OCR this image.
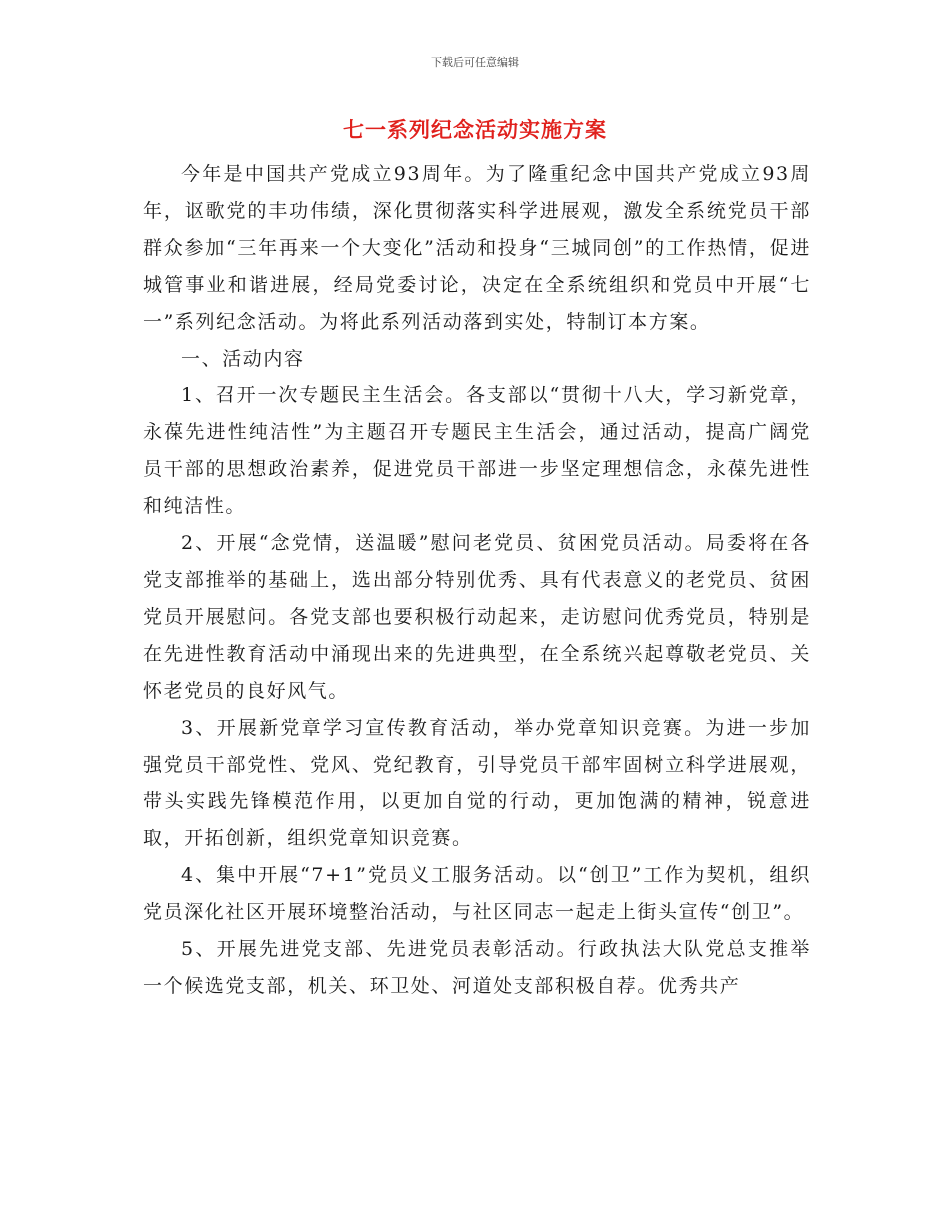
下载后可任意编辑
七一系列纪念活动实施方案

今年是中国共产党成立93周年。为了隆重纪念中国共产党成立93周年，讴歌党的丰功伟绩，深化贯彻落实科学进展观，激发全系统党员干部群众参加“三年再来一个大变化”活动和投身“三城同创”的工作热情，促进城管事业和谐进展，经局党委讨论，决定在全系统组织和党员中开展“七一”系列纪念活动。为将此系列活动落到实处，特制订本方案。

一、活动内容

1、召开一次专题民主生活会。各支部以“贯彻十八大，学习新党章，永葆先进性纯洁性”为主题召开专题民主生活会，通过活动，提高广阔党员干部的思想政治素养，促进党员干部进一步坚定理想信念，永葆先进性和纯洁性。

2、开展“念党情，送温暖”慰问老党员、贫困党员活动。局委将在各党支部推举的基础上，选出部分特别优秀、具有代表意义的老党员、贫困党员开展慰问。各党支部也要积极行动起来，走访慰问优秀党员，特别是在先进性教育活动中涌现出来的先进典型，在全系统兴起尊敬老党员、关怀老党员的良好风气。

3、开展新党章学习宣传教育活动，举办党章知识竞赛。为进一步加强党员干部党性、党风、党纪教育，引导党员干部牢固树立科学进展观，带头实践先锋模范作用，以更加自觉的行动，更加饱满的精神，锐意进取，开拓创新，组织党章知识竞赛。

4、集中开展“7+1”党员义工服务活动。以“创卫”工作为契机，组织党员深化社区开展环境整治活动，与社区同志一起走上街头宣传“创卫”。

5、开展先进党支部、先进党员表彰活动。行政执法大队党总支推举一个候选党支部，机关、环卫处、河道处支部积极自荐。优秀共产
